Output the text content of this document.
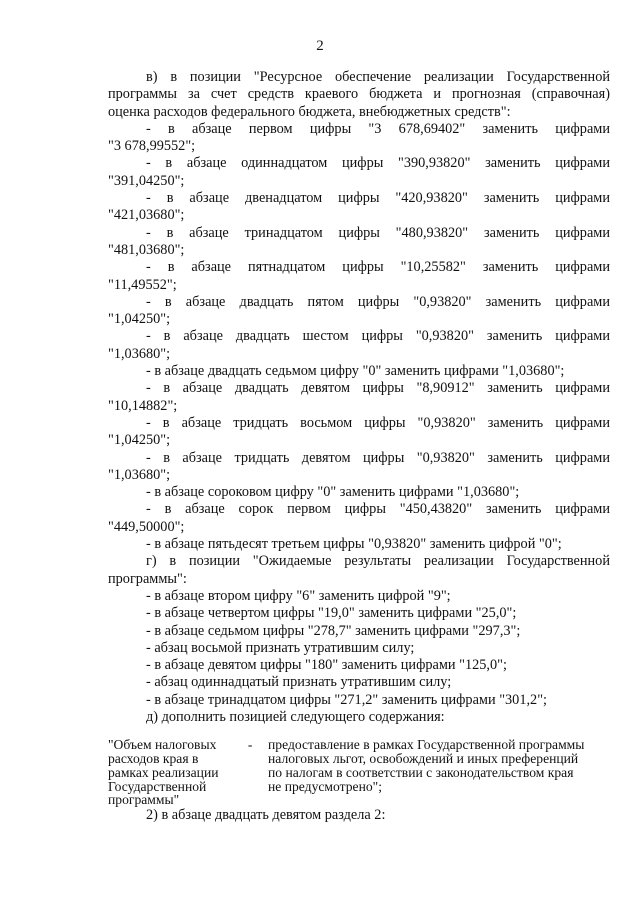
2

в) в позиции "Ресурсное обеспечение реализации Государственной

программы за счет средств краевого бюджета и прогнозная (справочная)

оценка расходов федерального бюджета, внебюджетных средств":

- в абзаце первом цифры "3 678,69402" заменить цифрами

"3 678,99552";

- в абзаце одиннадцатом цифры "390,93820" заменить цифрами

"391,04250";

- в абзаце двенадцатом цифры "420,93820" заменить цифрами

"421,03680";

- в абзаце тринадцатом цифры "480,93820" заменить цифрами

"481,03680";

- в абзаце пятнадцатом цифры "10,25582" заменить цифрами

"11,49552";

- в абзаце двадцать пятом цифры "0,93820" заменить цифрами

"1,04250";

- в абзаце двадцать шестом цифры "0,93820" заменить цифрами

"1,03680";

- в абзаце двадцать седьмом цифру "0" заменить цифрами "1,03680";

- в абзаце двадцать девятом цифры "8,90912" заменить цифрами

"10,14882";

- в абзаце тридцать восьмом цифры "0,93820" заменить цифрами

"1,04250";

- в абзаце тридцать девятом цифры "0,93820" заменить цифрами

"1,03680";

- в абзаце сороковом цифру "0" заменить цифрами "1,03680";

- в абзаце сорок первом цифры "450,43820" заменить цифрами

"449,50000";

- в абзаце пятьдесят третьем цифры "0,93820" заменить цифрой "0";

г) в позиции "Ожидаемые результаты реализации Государственной

программы":

- в абзаце втором цифру "6" заменить цифрой "9";

- в абзаце четвертом цифры "19,0" заменить цифрами "25,0";

- в абзаце седьмом цифры "278,7" заменить цифрами "297,3";

- абзац восьмой признать утратившим силу;

- в абзаце девятом цифры "180" заменить цифрами "125,0";

- абзац одиннадцатый признать утратившим силу;

- в абзаце тринадцатом цифры "271,2" заменить цифрами "301,2";

д) дополнить позицией следующего содержания:

"Объем налоговых
расходов края в
рамках реализации
Государственной
программы"
-	предоставление в рамках Государственной программы
налоговых льгот, освобождений и иных преференций
по налогам в соответствии с законодательством края
не предусмотрено";

2) в абзаце двадцать девятом раздела 2:
